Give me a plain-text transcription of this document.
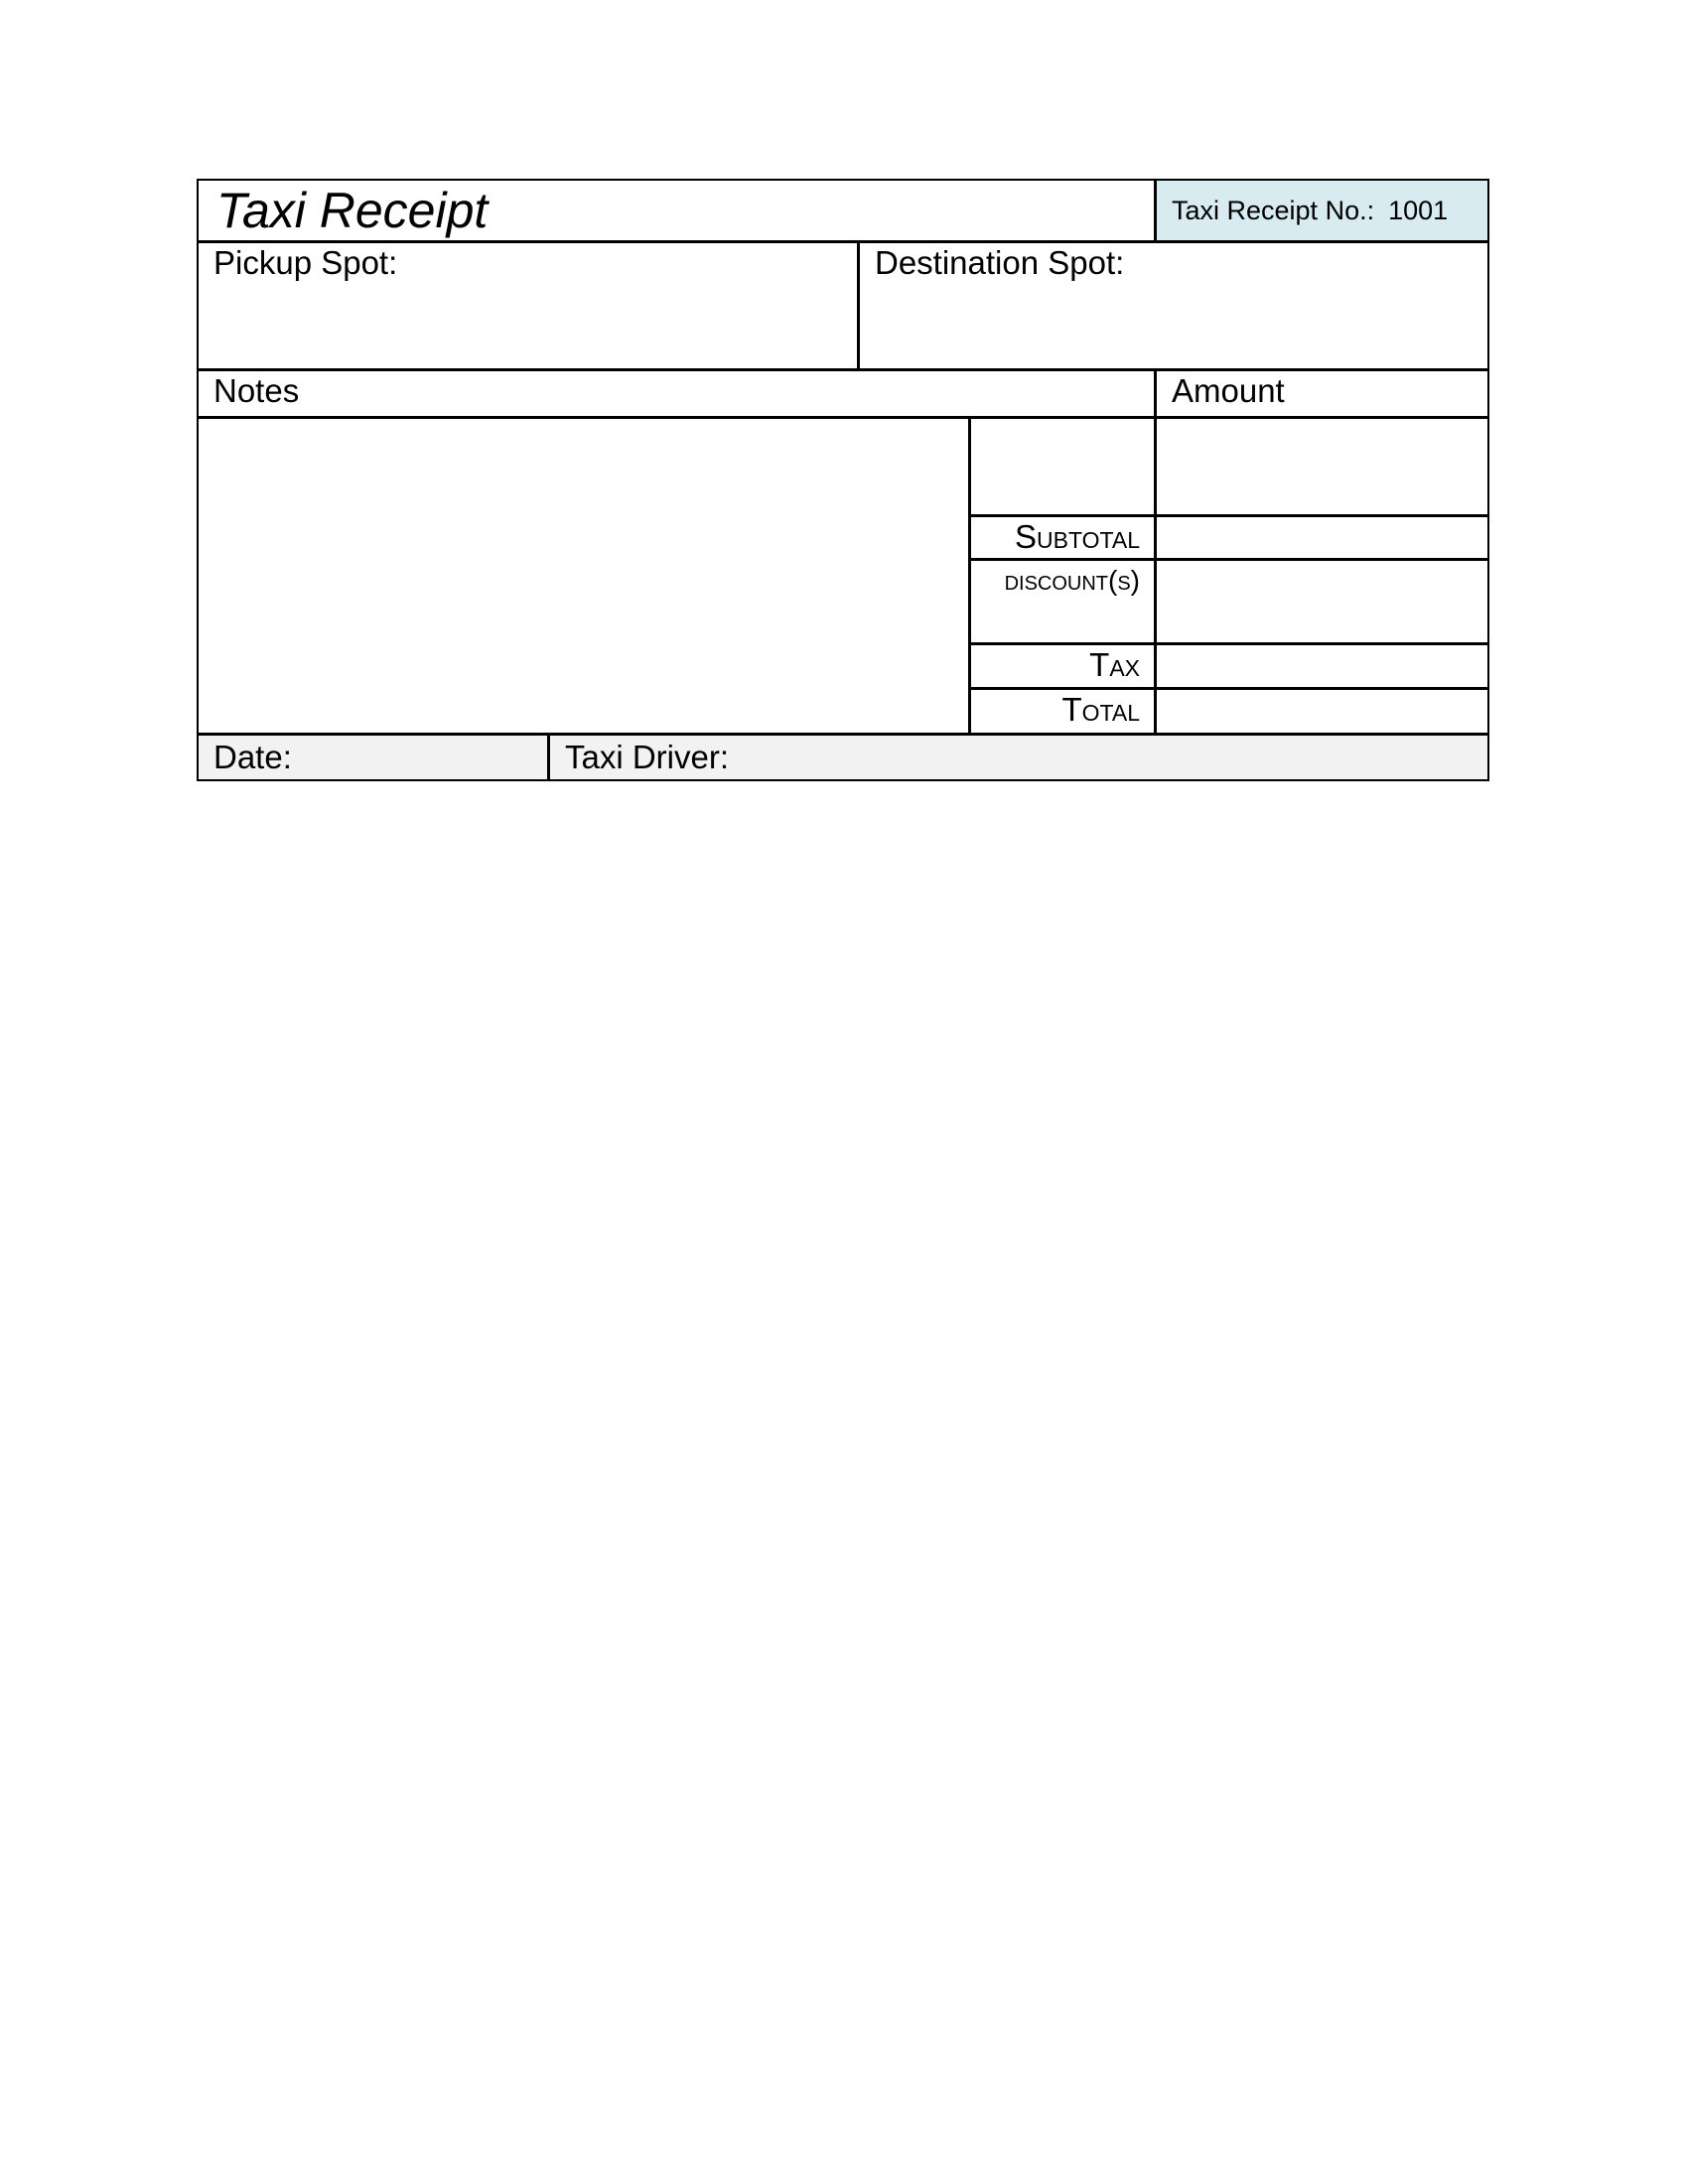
Taxi Receipt	Taxi Receipt No.: 1001
Pickup Spot:	Destination Spot:
Notes	Amount
Subtotal
discount(s)
Tax
Total
Date:	Taxi Driver:
